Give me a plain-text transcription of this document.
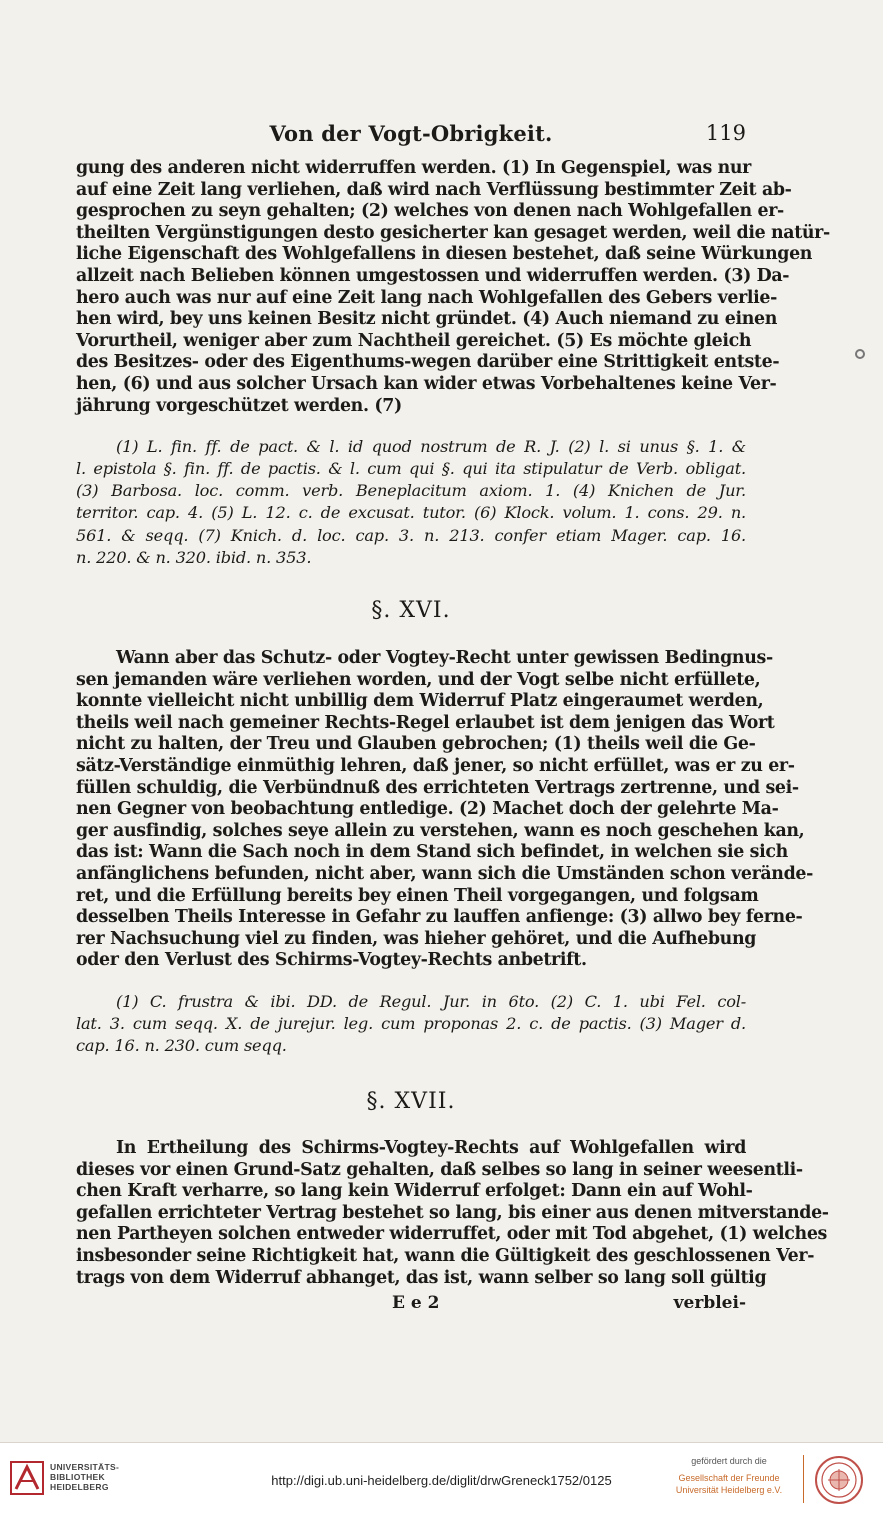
Von der Vogt-Obrigkeit.	119
gung des anderen nicht widerruffen werden. (1) In Gegenspiel, was nur
auf eine Zeit lang verliehen, daß wird nach Verflüssung bestimmter Zeit ab-
gesprochen zu seyn gehalten; (2) welches von denen nach Wohlgefallen er-
theilten Vergünstigungen desto gesicherter kan gesaget werden, weil die natür-
liche Eigenschaft des Wohlgefallens in diesen bestehet, daß seine Würkungen
allzeit nach Belieben können umgestossen und widerruffen werden. (3) Da-
hero auch was nur auf eine Zeit lang nach Wohlgefallen des Gebers verlie-
hen wird, bey uns keinen Besitz nicht gründet. (4) Auch niemand zu einen
Vorurtheil, weniger aber zum Nachtheil gereichet. (5) Es möchte gleich
des Besitzes- oder des Eigenthums-wegen darüber eine Strittigkeit entste-
hen, (6) und aus solcher Ursach kan wider etwas Vorbehaltenes keine Ver-
jährung vorgeschützet werden. (7)
(1) L. fin. ff. de pact. & l. id quod nostrum de R. J. (2) l. si unus §. 1. &
l. epistola §. fin. ff. de pactis. & l. cum qui §. qui ita stipulatur de Verb. obligat.
(3) Barbosa. loc. comm. verb. Beneplacitum axiom. 1. (4) Knichen de Jur.
territor. cap. 4. (5) L. 12. c. de excusat. tutor. (6) Klock. volum. 1. cons. 29. n.
561. & seqq. (7) Knich. d. loc. cap. 3. n. 213. confer etiam Mager. cap. 16.
n. 220. & n. 320. ibid. n. 353.
§. XVI.
Wann aber das Schutz- oder Vogtey-Recht unter gewissen Bedingnus-
sen jemanden wäre verliehen worden, und der Vogt selbe nicht erfüllete,
konnte vielleicht nicht unbillig dem Widerruf Platz eingeraumet werden,
theils weil nach gemeiner Rechts-Regel erlaubet ist dem jenigen das Wort
nicht zu halten, der Treu und Glauben gebrochen; (1) theils weil die Ge-
sätz-Verständige einmüthig lehren, daß jener, so nicht erfüllet, was er zu er-
füllen schuldig, die Verbündnuß des errichteten Vertrags zertrenne, und sei-
nen Gegner von beobachtung entledige. (2) Machet doch der gelehrte Ma-
ger ausfindig, solches seye allein zu verstehen, wann es noch geschehen kan,
das ist: Wann die Sach noch in dem Stand sich befindet, in welchen sie sich
anfänglichens befunden, nicht aber, wann sich die Umständen schon verände-
ret, und die Erfüllung bereits bey einen Theil vorgegangen, und folgsam
desselben Theils Interesse in Gefahr zu lauffen anfienge: (3) allwo bey ferne-
rer Nachsuchung viel zu finden, was hieher gehöret, und die Aufhebung
oder den Verlust des Schirms-Vogtey-Rechts anbetrift.
(1) C. frustra & ibi. DD. de Regul. Jur. in 6to. (2) C. 1. ubi Fel. col-
lat. 3. cum seqq. X. de jurejur. leg. cum proponas 2. c. de pactis. (3) Mager d.
cap. 16. n. 230. cum seqq.
§. XVII.
In Ertheilung des Schirms-Vogtey-Rechts auf Wohlgefallen wird
dieses vor einen Grund-Satz gehalten, daß selbes so lang in seiner weesentli-
chen Kraft verharre, so lang kein Widerruf erfolget: Dann ein auf Wohl-
gefallen errichteter Vertrag bestehet so lang, bis einer aus denen mitverstande-
nen Partheyen solchen entweder widerruffet, oder mit Tod abgehet, (1) welches
insbesonder seine Richtigkeit hat, wann die Gültigkeit des geschlossenen Ver-
trags von dem Widerruf abhanget, das ist, wann selber so lang soll gültig
E e 2	verblei-
UNIVERSITÄTS-
BIBLIOTHEK
HEIDELBERG	http://digi.ub.uni-heidelberg.de/diglit/drwGreneck1752/0125
gefördert durch die
Gesellschaft der Freunde
Universität Heidelberg e.V.
